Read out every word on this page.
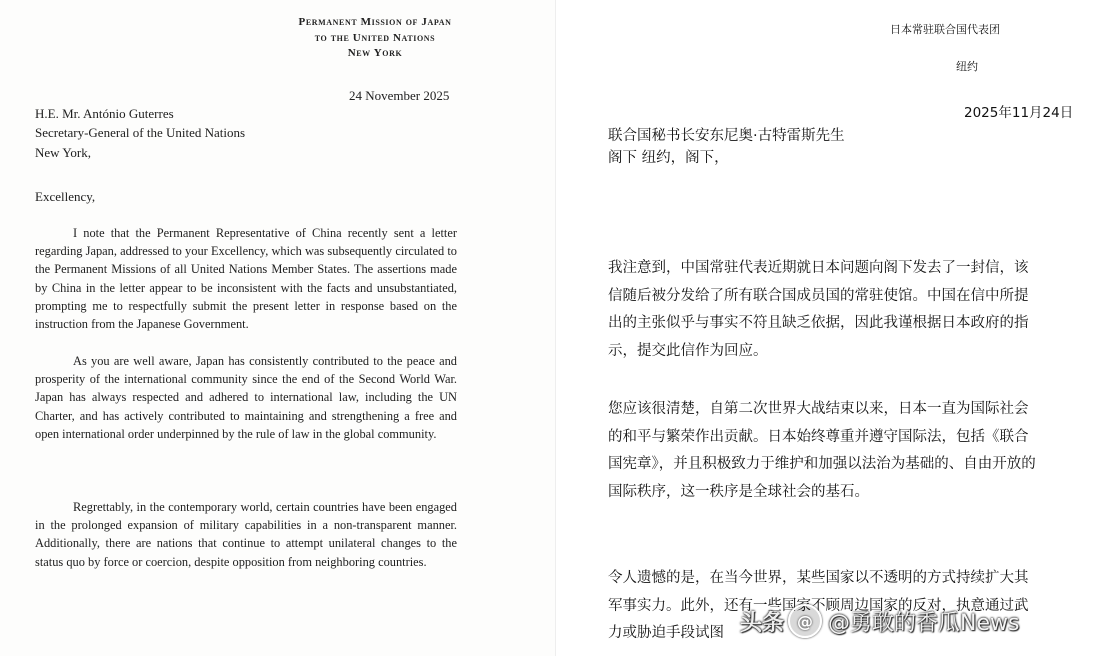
Permanent Mission of Japan
to the United Nations
New York
24 November 2025
H.E. Mr. António Guterres
Secretary-General of the United Nations
New York,
Excellency,
I note that the Permanent Representative of China recently sent a letter regarding Japan, addressed to your Excellency, which was subsequently circulated to the Permanent Missions of all United Nations Member States. The assertions made by China in the letter appear to be inconsistent with the facts and unsubstantiated, prompting me to respectfully submit the present letter in response based on the instruction from the Japanese Government.
As you are well aware, Japan has consistently contributed to the peace and prosperity of the international community since the end of the Second World War. Japan has always respected and adhered to international law, including the UN Charter, and has actively contributed to maintaining and strengthening a free and open international order underpinned by the rule of law in the global community.
Regrettably, in the contemporary world, certain countries have been engaged in the prolonged expansion of military capabilities in a non-transparent manner. Additionally, there are nations that continue to attempt unilateral changes to the status quo by force or coercion, despite opposition from neighboring countries.
日本常驻联合国代表团
纽约
2025年11月24日
联合国秘书长安东尼奥·古特雷斯先生
阁下 纽约，阁下，
我注意到，中国常驻代表近期就日本问题向阁下发去了一封信，该信随后被分发给了所有联合国成员国的常驻使馆。中国在信中所提出的主张似乎与事实不符且缺乏依据，因此我谨根据日本政府的指示，提交此信作为回应。
您应该很清楚，自第二次世界大战结束以来，日本一直为国际社会的和平与繁荣作出贡献。日本始终尊重并遵守国际法，包括《联合国宪章》，并且积极致力于维护和加强以法治为基础的、自由开放的国际秩序，这一秩序是全球社会的基石。
令人遗憾的是，在当今世界，某些国家以不透明的方式持续扩大其军事实力。此外，还有一些国家不顾周边国家的反对，执意通过武力或胁迫手段试图 头条 @ @勇敢的香瓜News
